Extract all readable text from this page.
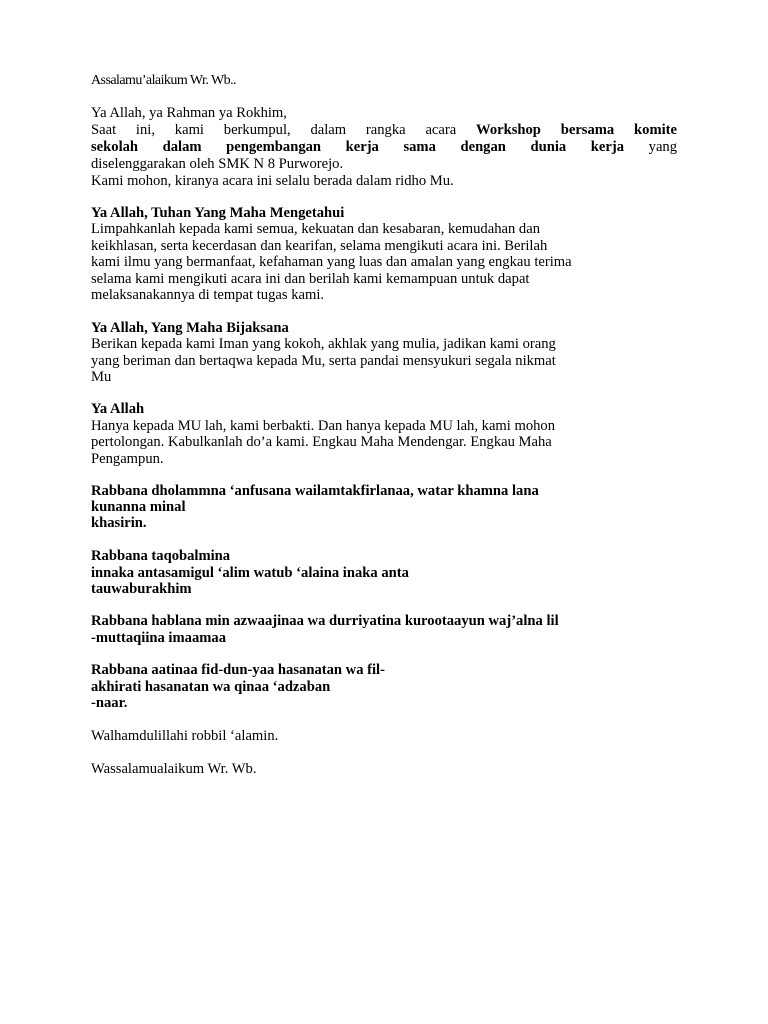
Assalamu’alaikum Wr. Wb..
Ya Allah, ya Rahman ya Rokhim,
Saat ini, kami berkumpul, dalam rangka acara Workshop bersama komite
sekolah dalam pengembangan kerja sama dengan dunia kerja yang
diselenggarakan oleh SMK N 8 Purworejo.
Kami mohon, kiranya acara ini selalu berada dalam ridho Mu.
Ya Allah, Tuhan Yang Maha Mengetahui
Limpahkanlah kepada kami semua, kekuatan dan kesabaran, kemudahan dan
keikhlasan, serta kecerdasan dan kearifan, selama mengikuti acara ini. Berilah
kami ilmu yang bermanfaat, kefahaman yang luas dan amalan yang engkau terima
selama kami mengikuti acara ini dan berilah kami kemampuan untuk dapat
melaksanakannya di tempat tugas kami.
Ya Allah, Yang Maha Bijaksana
Berikan kepada kami Iman yang kokoh, akhlak yang mulia, jadikan kami orang
yang beriman dan bertaqwa kepada Mu, serta pandai mensyukuri segala nikmat
Mu
Ya Allah
Hanya kepada MU lah, kami berbakti. Dan hanya kepada MU lah, kami mohon
pertolongan. Kabulkanlah do’a kami. Engkau Maha Mendengar. Engkau Maha
Pengampun.
Rabbana dholammna ‘anfusana wailamtakfirlanaa, watar khamna lana
kunanna minal
khasirin.
Rabbana taqobalmina
innaka antasamigul ‘alim watub ‘alaina inaka anta
tauwaburakhim
Rabbana hablana min azwaajinaa wa durriyatina kurootaayun waj’alna lil
-muttaqiina imaamaa
Rabbana aatinaa fid-dun-yaa hasanatan wa fil-
akhirati hasanatan wa qinaa ‘adzaban
-naar.
Walhamdulillahi robbil ‘alamin.
Wassalamualaikum Wr. Wb.
